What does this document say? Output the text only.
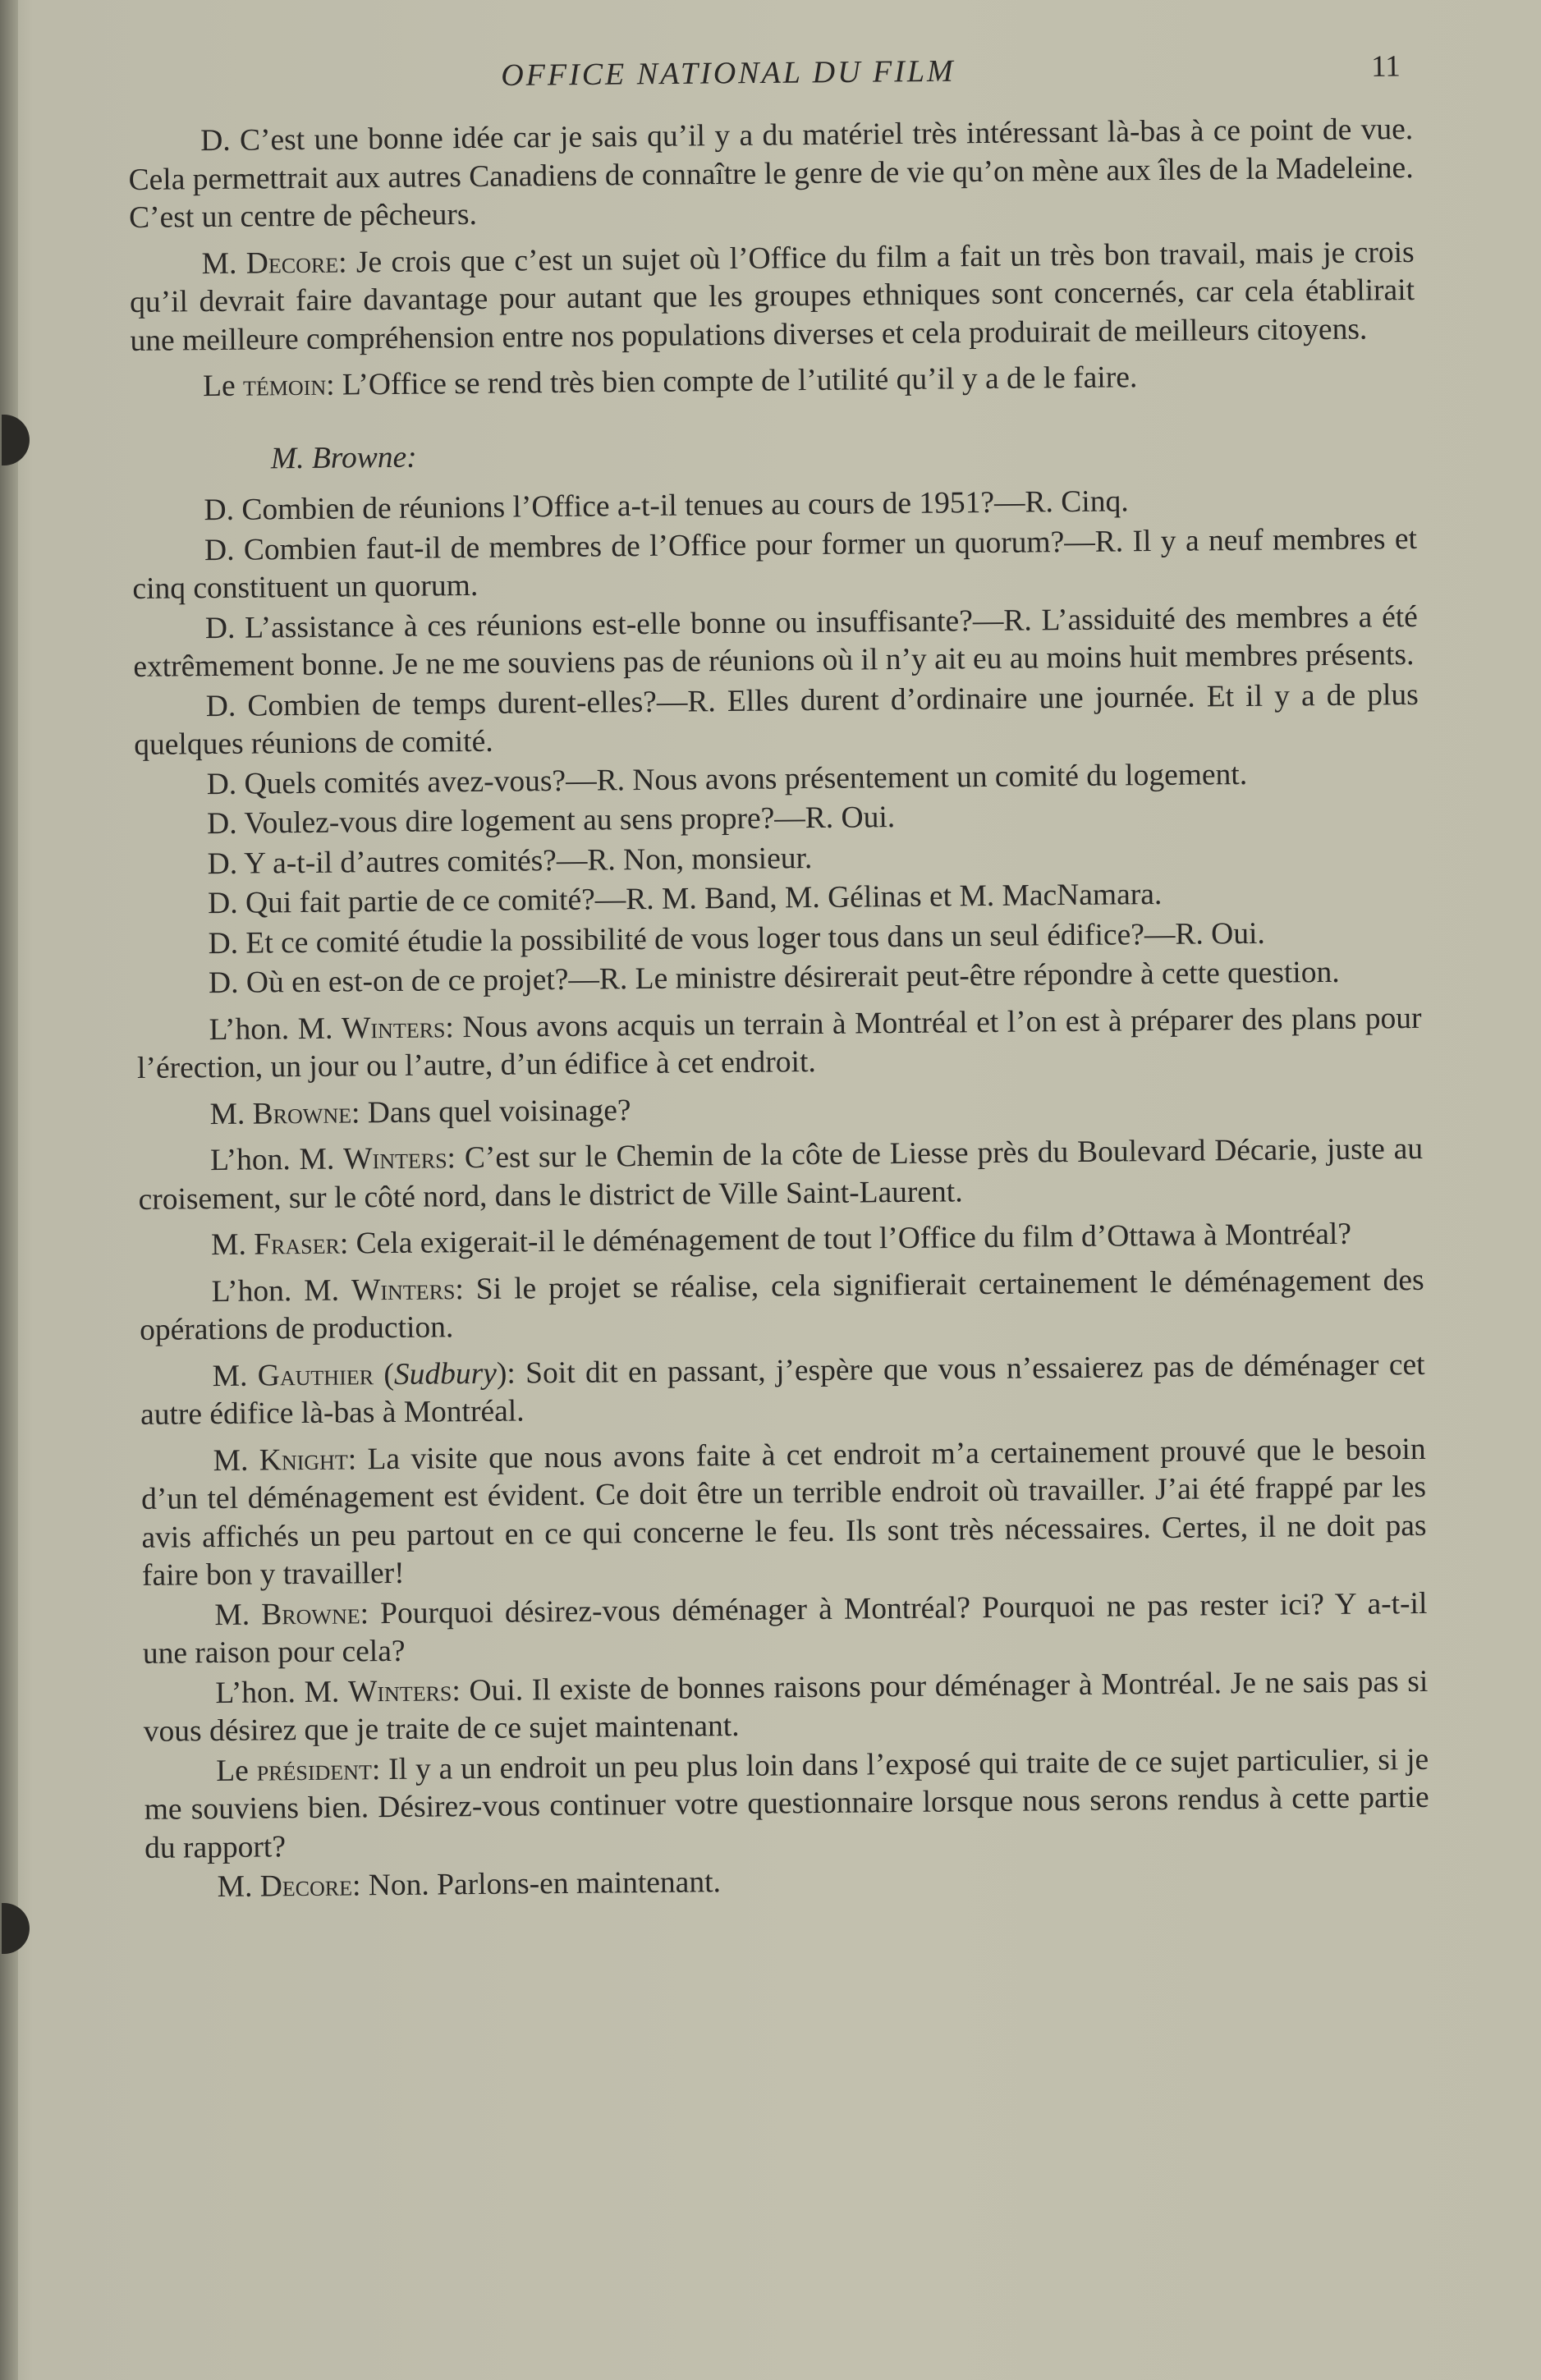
OFFICE NATIONAL DU FILM	11

D. C’est une bonne idée car je sais qu’il y a du matériel très intéressant là-bas à ce point de vue. Cela permettrait aux autres Canadiens de connaître le genre de vie qu’on mène aux îles de la Madeleine. C’est un centre de pêcheurs.

M. Decore: Je crois que c’est un sujet où l’Office du film a fait un très bon travail, mais je crois qu’il devrait faire davantage pour autant que les groupes ethniques sont concernés, car cela établirait une meilleure compréhension entre nos populations diverses et cela produirait de meilleurs citoyens.

Le témoin: L’Office se rend très bien compte de l’utilité qu’il y a de le faire.

M. Browne:

D. Combien de réunions l’Office a-t-il tenues au cours de 1951?—R. Cinq.

D. Combien faut-il de membres de l’Office pour former un quorum?—R. Il y a neuf membres et cinq constituent un quorum.

D. L’assistance à ces réunions est-elle bonne ou insuffisante?—R. L’assiduité des membres a été extrêmement bonne. Je ne me souviens pas de réunions où il n’y ait eu au moins huit membres présents.

D. Combien de temps durent-elles?—R. Elles durent d’ordinaire une journée. Et il y a de plus quelques réunions de comité.

D. Quels comités avez-vous?—R. Nous avons présentement un comité du logement.

D. Voulez-vous dire logement au sens propre?—R. Oui.

D. Y a-t-il d’autres comités?—R. Non, monsieur.

D. Qui fait partie de ce comité?—R. M. Band, M. Gélinas et M. MacNamara.

D. Et ce comité étudie la possibilité de vous loger tous dans un seul édifice?—R. Oui.

D. Où en est-on de ce projet?—R. Le ministre désirerait peut-être répondre à cette question.

L’hon. M. Winters: Nous avons acquis un terrain à Montréal et l’on est à préparer des plans pour l’érection, un jour ou l’autre, d’un édifice à cet endroit.

M. Browne: Dans quel voisinage?

L’hon. M. Winters: C’est sur le Chemin de la côte de Liesse près du Boulevard Décarie, juste au croisement, sur le côté nord, dans le district de Ville Saint-Laurent.

M. Fraser: Cela exigerait-il le déménagement de tout l’Office du film d’Ottawa à Montréal?

L’hon. M. Winters: Si le projet se réalise, cela signifierait certainement le déménagement des opérations de production.

M. Gauthier (Sudbury): Soit dit en passant, j’espère que vous n’essaierez pas de déménager cet autre édifice là-bas à Montréal.

M. Knight: La visite que nous avons faite à cet endroit m’a certainement prouvé que le besoin d’un tel déménagement est évident. Ce doit être un terrible endroit où travailler. J’ai été frappé par les avis affichés un peu partout en ce qui concerne le feu. Ils sont très nécessaires. Certes, il ne doit pas faire bon y travailler!

M. Browne: Pourquoi désirez-vous déménager à Montréal? Pourquoi ne pas rester ici? Y a-t-il une raison pour cela?

L’hon. M. Winters: Oui. Il existe de bonnes raisons pour déménager à Montréal. Je ne sais pas si vous désirez que je traite de ce sujet maintenant.

Le président: Il y a un endroit un peu plus loin dans l’exposé qui traite de ce sujet particulier, si je me souviens bien. Désirez-vous continuer votre questionnaire lorsque nous serons rendus à cette partie du rapport?

M. Decore: Non. Parlons-en maintenant.
